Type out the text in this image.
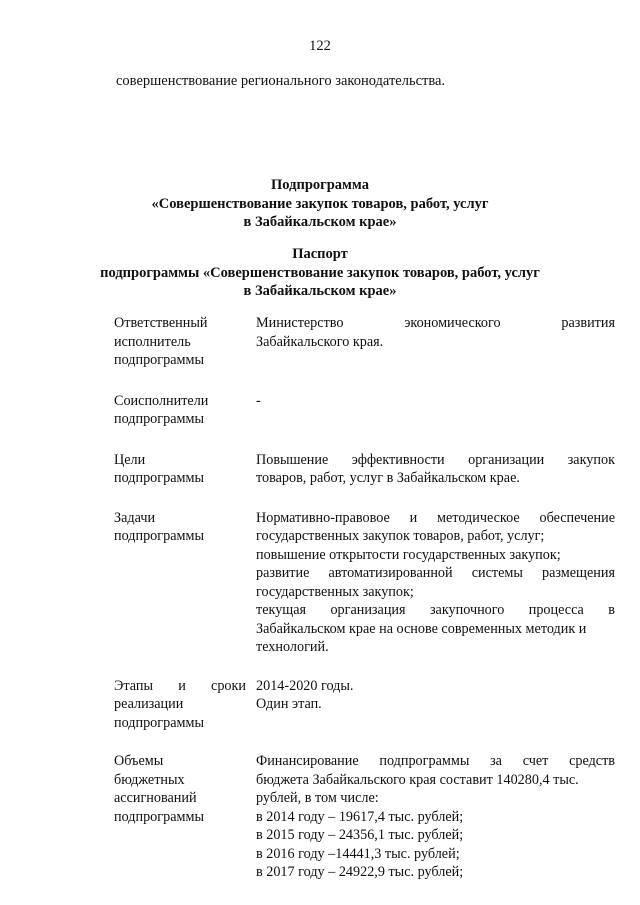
122
совершенствование регионального законодательства.
Подпрограмма
«Совершенствование закупок товаров, работ, услуг
в Забайкальском крае»
Паспорт
подпрограммы «Совершенствование закупок товаров, работ, услуг
в Забайкальском крае»
Ответственный
исполнитель
подпрограммы
Министерство	экономического	развития
Забайкальского края.
Соисполнители
подпрограммы
-
Цели
подпрограммы
Повышение эффективности организации закупок
товаров, работ, услуг в Забайкальском крае.
Задачи
подпрограммы
Нормативно-правовое и методическое обеспечение
государственных закупок товаров, работ, услуг;
повышение открытости государственных закупок;
развитие автоматизированной системы размещения
государственных закупок;
текущая организация закупочного процесса в
Забайкальском крае на основе современных методик и
технологий.
Этапы и сроки
реализации
подпрограммы
2014-2020 годы.
Один этап.
Объемы
бюджетных
ассигнований
подпрограммы
Финансирование подпрограммы за счет средств
бюджета Забайкальского края составит 140280,4 тыс.
рублей, в том числе:
в 2014 году – 19617,4 тыс. рублей;
в 2015 году – 24356,1 тыс. рублей;
в 2016 году –14441,3 тыс. рублей;
в 2017 году – 24922,9 тыс. рублей;
